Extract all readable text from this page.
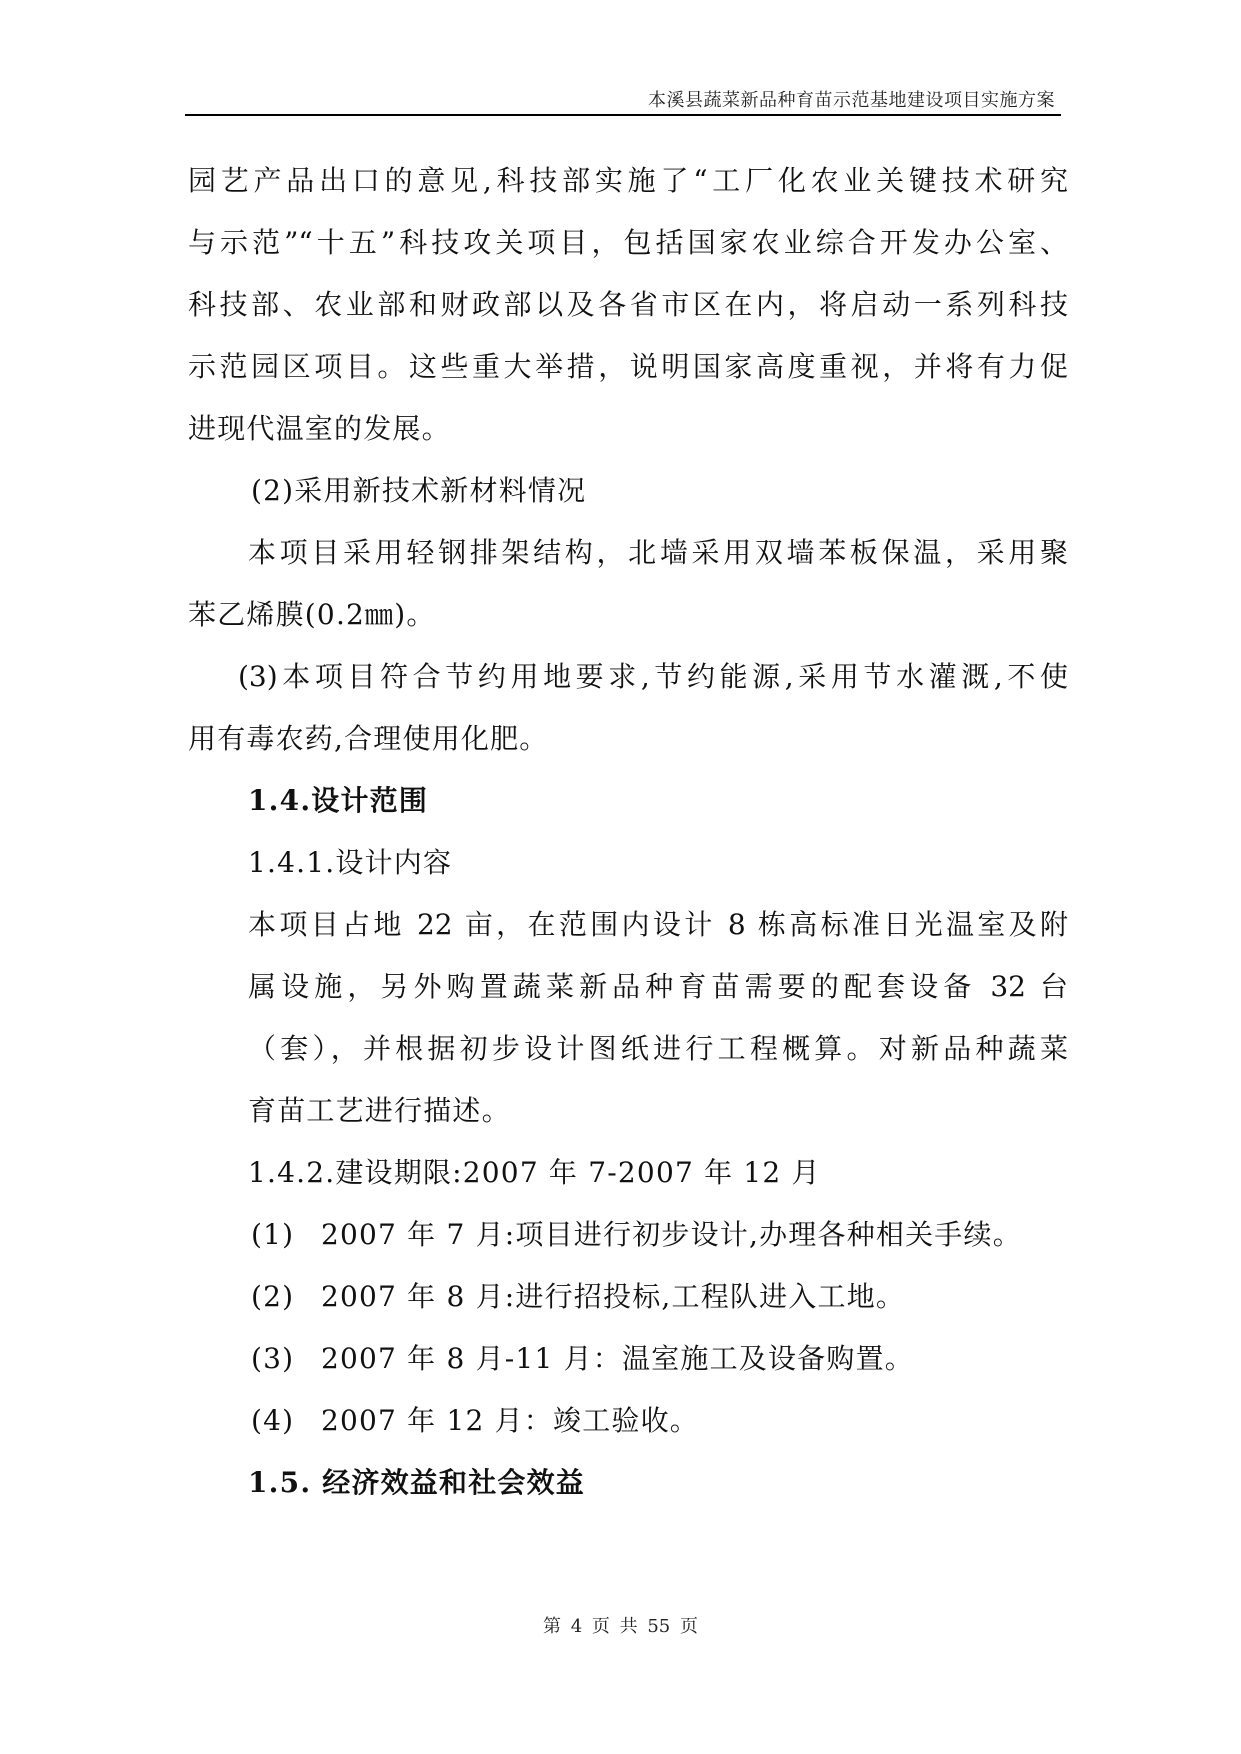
本溪县蔬菜新品种育苗示范基地建设项目实施方案
园艺产品出口的意见,科技部实施了“工厂化农业关键技术研究
与示范”“十五”科技攻关项目，包括国家农业综合开发办公室、
科技部、农业部和财政部以及各省市区在内，将启动一系列科技
示范园区项目。这些重大举措，说明国家高度重视，并将有力促
进现代温室的发展。
(2)采用新技术新材料情况
本项目采用轻钢排架结构，北墙采用双墙苯板保温，采用聚
苯乙烯膜(0.2㎜)。
(3)本项目符合节约用地要求,节约能源,采用节水灌溉,不使
用有毒农药,合理使用化肥。
1.4.设计范围
1.4.1.设计内容
本项目占地 22 亩，在范围内设计 8 栋高标准日光温室及附
属设施，另外购置蔬菜新品种育苗需要的配套设备 32 台
（套），并根据初步设计图纸进行工程概算。对新品种蔬菜
育苗工艺进行描述。
1.4.2.建设期限:2007 年 7-2007 年 12 月
(1) 2007 年 7 月:项目进行初步设计,办理各种相关手续。
(2) 2007 年 8 月:进行招投标,工程队进入工地。
(3) 2007 年 8 月-11 月：温室施工及设备购置。
(4) 2007 年 12 月：竣工验收。
1.5. 经济效益和社会效益
第 4 页 共 55 页
